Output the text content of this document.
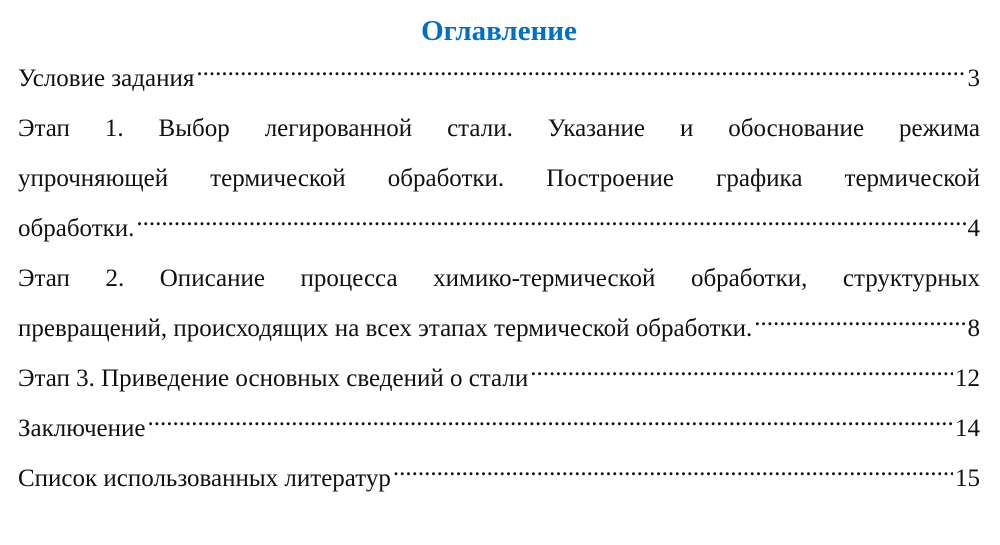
Оглавление
Условие задания .....	3
Этап 1. Выбор легированной стали. Указание и обоснование режима
упрочняющей термической обработки. Построение графика термической
обработки. .....	4
Этап 2. Описание процесса химико-термической обработки, структурных
превращений, происходящих на всех этапах термической обработки. .....	8
Этап 3. Приведение основных сведений о стали .....	12
Заключение .....	14
Список использованных литератур .....	15
